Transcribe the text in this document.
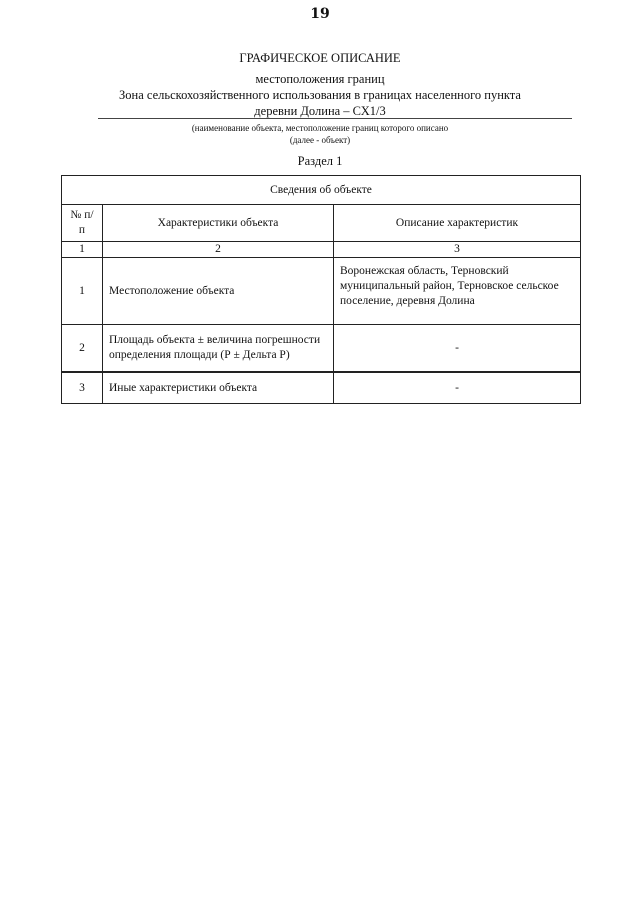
19
ГРАФИЧЕСКОЕ ОПИСАНИЕ
местоположения границ
Зона сельскохозяйственного использования в границах населенного пункта
деревни Долина – СХ1/3
(наименование объекта, местоположение границ которого описано
(далее - объект)
Раздел 1
Сведения об объекте		
№ п/п	Характеристики объекта	Описание характеристик
1	2	3
1	Местоположение объекта	Воронежская область, Терновский муниципальный район, Терновское сельское поселение, деревня Долина
2	Площадь объекта ± величина погрешности определения площади (Р ± Дельта Р)	-
3	Иные характеристики объекта	-
